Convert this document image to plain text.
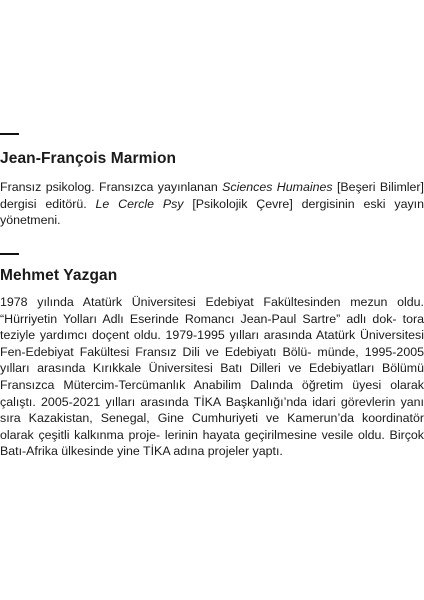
Jean-François Marmion

Fransız psikolog. Fransızca yayınlanan Sciences Humaines [Beşeri Bilimler] dergisi editörü. Le Cercle Psy [Psikolojik Çevre] dergisinin eski yayın yönetmeni.

Mehmet Yazgan

1978 yılında Atatürk Üniversitesi Edebiyat Fakültesinden mezun oldu. “Hürriyetin Yolları Adlı Eserinde Romancı Jean-Paul Sartre” adlı dok- tora teziyle yardımcı doçent oldu. 1979-1995 yılları arasında Atatürk Üniversitesi Fen-Edebiyat Fakültesi Fransız Dili ve Edebiyatı Bölü- münde, 1995-2005 yılları arasında Kırıkkale Üniversitesi Batı Dilleri ve Edebiyatları Bölümü Fransızca Mütercim-Tercümanlık Anabilim Dalında öğretim üyesi olarak çalıştı. 2005-2021 yılları arasında TİKA Başkanlığı’nda idari görevlerin yanı sıra Kazakistan, Senegal, Gine Cumhuriyeti ve Kamerun’da koordinatör olarak çeşitli kalkınma proje- lerinin hayata geçirilmesine vesile oldu. Birçok Batı-Afrika ülkesinde yine TİKA adına projeler yaptı.
